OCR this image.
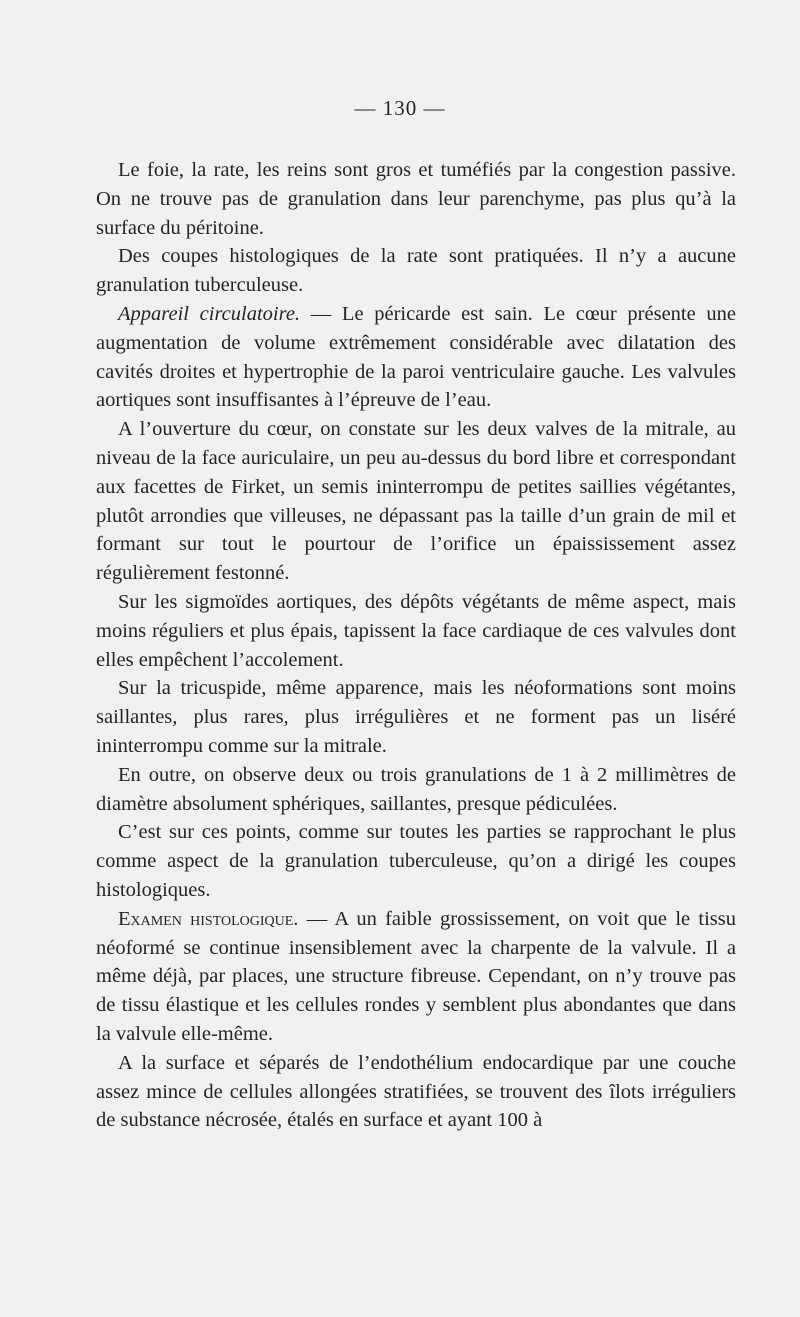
— 130 —

Le foie, la rate, les reins sont gros et tuméfiés par la congestion passive. On ne trouve pas de granulation dans leur parenchyme, pas plus qu’à la surface du péritoine.

Des coupes histologiques de la rate sont pratiquées. Il n’y a aucune granulation tuberculeuse.

Appareil circulatoire. — Le péricarde est sain. Le cœur présente une augmentation de volume extrêmement considérable avec dilatation des cavités droites et hypertrophie de la paroi ventriculaire gauche. Les valvules aortiques sont insuffisantes à l’épreuve de l’eau.

A l’ouverture du cœur, on constate sur les deux valves de la mitrale, au niveau de la face auriculaire, un peu au-dessus du bord libre et correspondant aux facettes de Firket, un semis ininterrompu de petites saillies végétantes, plutôt arrondies que villeuses, ne dépassant pas la taille d’un grain de mil et formant sur tout le pourtour de l’orifice un épaississement assez régulièrement festonné.

Sur les sigmoïdes aortiques, des dépôts végétants de même aspect, mais moins réguliers et plus épais, tapissent la face cardiaque de ces valvules dont elles empêchent l’accolement.

Sur la tricuspide, même apparence, mais les néoformations sont moins saillantes, plus rares, plus irrégulières et ne forment pas un liséré ininterrompu comme sur la mitrale.

En outre, on observe deux ou trois granulations de 1 à 2 millimètres de diamètre absolument sphériques, saillantes, presque pédiculées.

C’est sur ces points, comme sur toutes les parties se rapprochant le plus comme aspect de la granulation tuberculeuse, qu’on a dirigé les coupes histologiques.

Examen histologique. — A un faible grossissement, on voit que le tissu néoformé se continue insensiblement avec la charpente de la valvule. Il a même déjà, par places, une structure fibreuse. Cependant, on n’y trouve pas de tissu élastique et les cellules rondes y semblent plus abondantes que dans la valvule elle-même.

A la surface et séparés de l’endothélium endocardique par une couche assez mince de cellules allongées stratifiées, se trouvent des îlots irréguliers de substance nécrosée, étalés en surface et ayant 100 à
